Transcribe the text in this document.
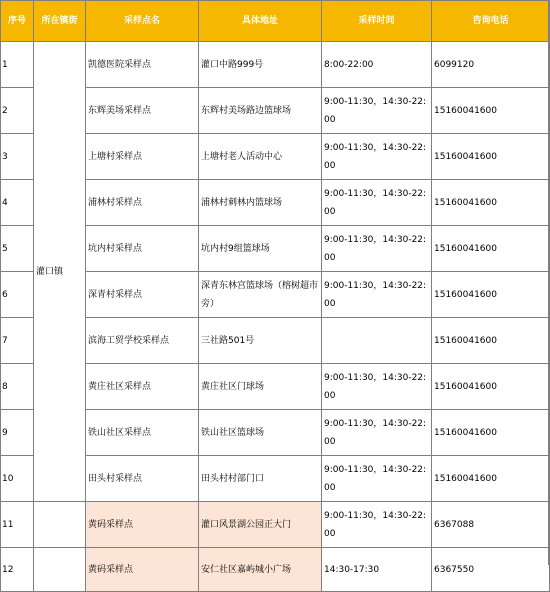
序号	所在镇街	采样点名	具体地址	采样时间	咨询电话
1	灌口镇	凯德医院采样点	灌口中路999号	8:00-22:00	6099120
2		东辉美场采样点	东辉村美场路边篮球场	9:00-11:30，14:30-22:00	15160041600
3		上塘村采样点	上塘村老人活动中心	9:00-11:30，14:30-22:00	15160041600
4		浦林村采样点	浦林村刺林内篮球场	9:00-11:30，14:30-22:00	15160041600
5		坑内村采样点	坑内村9组篮球场	9:00-11:30，14:30-22:00	15160041600
6		深青村采样点	深青东林宫篮球场（榕树超市旁）	9:00-11:30，14:30-22:00	15160041600
7		滨海工贸学校采样点	三社路501号		15160041600
8		黄庄社区采样点	黄庄社区门球场	9:00-11:30，14:30-22:00	15160041600
9		铁山社区采样点	铁山社区篮球场	9:00-11:30，14:30-22:00	15160041600
10		田头村采样点	田头村村部门口	9:00-11:30，14:30-22:00	15160041600
11		黄码采样点	灌口风景湖公园正大门	9:00-11:30，14:30-22:00	6367088
12		黄码采样点	安仁社区嘉屿城小广场	14:30-17:30	6367550
